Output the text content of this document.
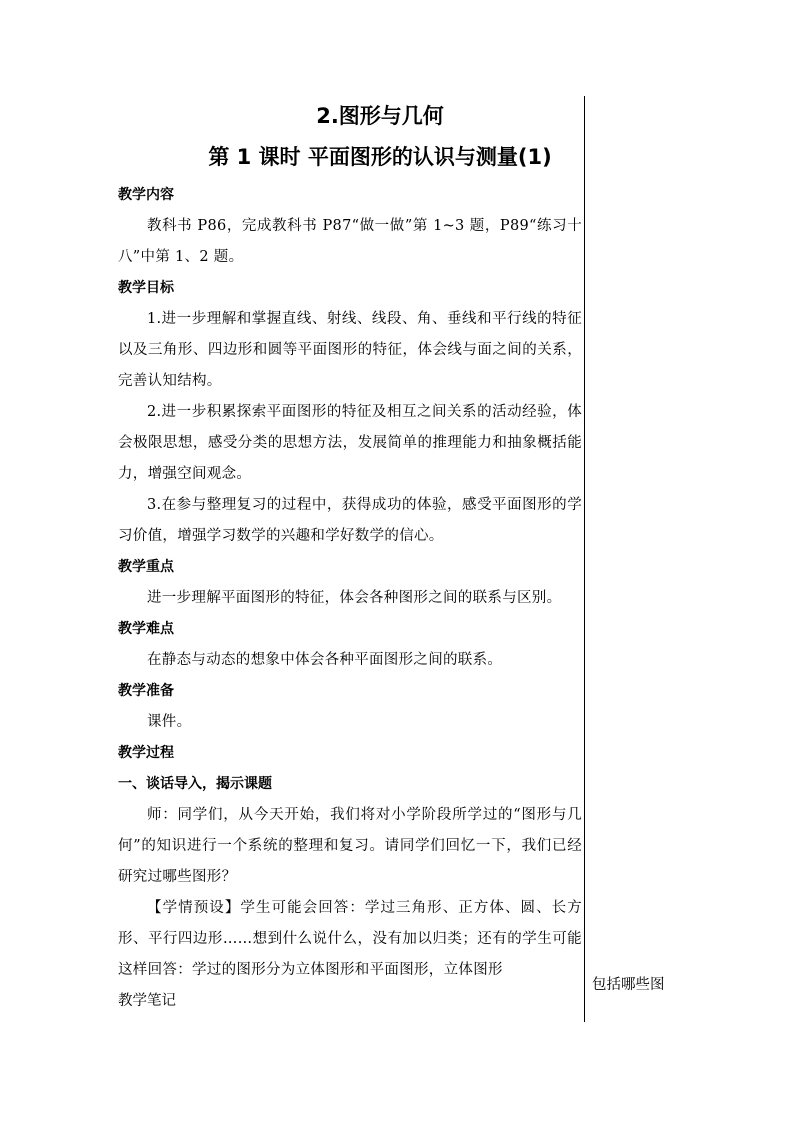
2.图形与几何

第 1 课时 平面图形的认识与测量(1)

教学内容

教科书 P86，完成教科书 P87“做一做”第 1~3 题，P89“练习十八”中第 1、2 题。

教学目标

1.进一步理解和掌握直线、射线、线段、角、垂线和平行线的特征以及三角形、四边形和圆等平面图形的特征，体会线与面之间的关系，完善认知结构。

2.进一步积累探索平面图形的特征及相互之间关系的活动经验，体会极限思想，感受分类的思想方法，发展简单的推理能力和抽象概括能力，增强空间观念。

3.在参与整理复习的过程中，获得成功的体验，感受平面图形的学习价值，增强学习数学的兴趣和学好数学的信心。

教学重点

进一步理解平面图形的特征，体会各种图形之间的联系与区别。

教学难点

在静态与动态的想象中体会各种平面图形之间的联系。

教学准备

课件。

教学过程

一、谈话导入，揭示课题

师：同学们，从今天开始，我们将对小学阶段所学过的“图形与几何”的知识进行一个系统的整理和复习。请同学们回忆一下，我们已经研究过哪些图形？

【学情预设】学生可能会回答：学过三角形、正方体、圆、长方形、平行四边形……想到什么说什么，没有加以归类；还有的学生可能这样回答：学过的图形分为立体图形和平面图形，立体图形

教学笔记

包括哪些图
